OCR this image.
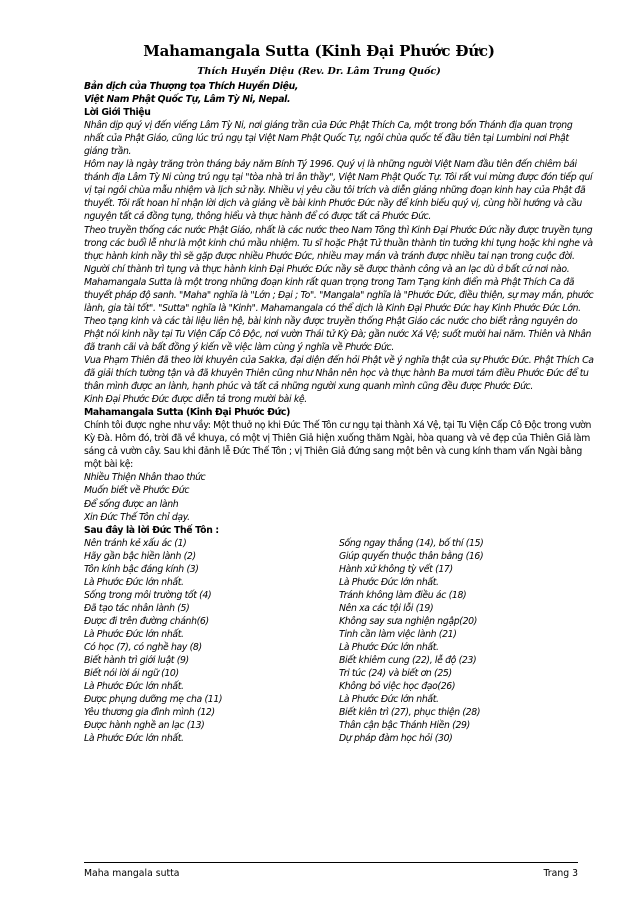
Mahamangala Sutta (Kinh Đại Phước Đức)
Thích Huyền Diệu (Rev. Dr. Lâm Trung Quốc)

Bản dịch của Thượng tọa Thích Huyền Diệu,

Việt Nam Phật Quốc Tự, Lâm Tỳ Ni, Nepal.

Lời Giới Thiệu

Nhân dịp quý vị đến viếng Lâm Tỳ Ni, nơi giáng trần của Đức Phật Thích Ca, một trong bốn Thánh địa quan trọng nhất của Phật Giáo, cũng lúc trú ngụ tại Việt Nam Phật Quốc Tự, ngôi chùa quốc tế đầu tiên tại Lumbini nơi Phật giáng trần.

Hôm nay là ngày trăng tròn tháng bảy năm Bính Tý 1996. Quý vị là những người Việt Nam đầu tiên đến chiêm bái thánh địa Lâm Tỳ Ni cùng trú ngụ tại "tòa nhà tri ân thầy", Việt Nam Phật Quốc Tự. Tôi rất vui mừng được đón tiếp quí vị tại ngôi chùa mẫu nhiệm và lịch sử nầy. Nhiều vị yêu cầu tôi trích và diễn giảng những đoạn kinh hay của Phật đã thuyết. Tôi rất hoan hỉ nhận lời dịch và giảng về bài kinh Phước Đức nầy để kính biếu quý vị, cùng hồi hướng và cầu nguyện tất cả đồng tụng, thông hiểu và thực hành để có được tất cả Phước Đức.

Theo truyền thống các nước Phật Giáo, nhất là các nước theo Nam Tông thì Kinh Đại Phước Đức nầy được truyền tụng trong các buổi lễ như là một kinh chú mầu nhiệm. Tu sĩ hoặc Phật Tử thuần thành tin tưởng khi tụng hoặc khi nghe và thực hành kinh nầy thì sẽ gặp được nhiều Phước Đức, nhiều may mắn và tránh được nhiều tai nạn trong cuộc đời. Người chí thành trì tụng và thực hành kinh Đại Phước Đức nầy sẽ được thành công và an lạc dù ở bất cứ nơi nào.

Mahamangala Sutta là một trong những đoạn kinh rất quan trọng trong Tam Tạng kinh điển mà Phật Thích Ca đã thuyết pháp độ sanh. "Maha" nghĩa là "Lớn ; Đại ; To". "Mangala" nghĩa là "Phước Đức, điều thiện, sự may mắn, phước lành, gia tài tốt". "Sutta" nghĩa là "Kinh". Mahamangala có thể dịch là Kinh Đại Phước Đức hay Kinh Phước Đức Lớn.

Theo tạng kinh và các tài liệu liên hệ, bài kinh nầy được truyền thống Phật Giáo các nước cho biết rằng nguyên do Phật nói kinh nầy tại Tu Viện Cấp Cô Độc, nơi vườn Thái tử Kỳ Đà; gần nước Xá Vệ; suốt mười hai năm. Thiên và Nhân đã tranh cãi và bất đồng ý kiến về việc làm cùng ý nghĩa về Phước Đức.

Vua Phạm Thiên đã theo lời khuyên của Sakka, đại diện đến hỏi Phật về ý nghĩa thật của sự Phước Đức. Phật Thích Ca đã giải thích tường tận và đã khuyên Thiên cũng như Nhân nên học và thực hành Ba mươi tám điều Phước Đức để tu thân mình được an lành, hạnh phúc và tất cả những người xung quanh mình cũng đều được Phước Đức.

Kinh Đại Phước Đức được diễn tả trong mười bài kệ.

Mahamangala Sutta (Kinh Đại Phước Đức)

Chính tôi được nghe như vầy: Một thuở nọ khi Đức Thế Tôn cư ngụ tại thành Xá Vệ, tại Tu Viện Cấp Cô Độc trong vườn Kỳ Đà. Hôm đó, trời đã về khuya, có một vị Thiên Giả hiện xuống thăm Ngài, hòa quang và vẻ đẹp của Thiên Giả làm sáng cả vườn cây. Sau khi đảnh lễ Đức Thế Tôn ; vị Thiên Giả đứng sang một bên và cung kính tham vấn Ngài bằng một bài kệ:

Nhiều Thiện Nhân thao thức

Muốn biết về Phước Đức

Để sống được an lành

Xin Đức Thế Tôn chỉ dạy.

Sau đây là lời Đức Thế Tôn :

Nên tránh kẻ xấu ác (1)

Hãy gần bậc hiền lành (2)

Tôn kính bậc đáng kính (3)

Là Phước Đức lớn nhất.

Sống trong môi trường tốt (4)

Đã tạo tác nhân lành (5)

Được đi trên đường chánh(6)

Là Phước Đức lớn nhất.

Có học (7), có nghề hay (8)

Biết hành trì giới luật (9)

Biết nói lời ái ngữ (10)

Là Phước Đức lớn nhất.

Được phụng dưỡng mẹ cha (11)

Yêu thương gia đình mình (12)

Được hành nghề an lạc (13)

Là Phước Đức lớn nhất.

Sống ngay thẳng (14), bố thí (15)

Giúp quyến thuộc thân bằng (16)

Hành xử không tỳ vết (17)

Là Phước Đức lớn nhất.

Tránh không làm điều ác (18)

Nên xa các tội lỗi (19)

Không say sưa nghiện ngập(20)

Tinh cần làm việc lành (21)

Là Phước Đức lớn nhất.

Biết khiêm cung (22), lễ độ (23)

Tri túc (24) và biết ơn (25)

Không bỏ việc học đạo(26)

Là Phước Đức lớn nhất.

Biết kiên trì (27), phục thiện (28)

Thân cận bậc Thánh Hiền (29)

Dự pháp đàm học hỏi (30)

Maha mangala sutta	Trang 3
